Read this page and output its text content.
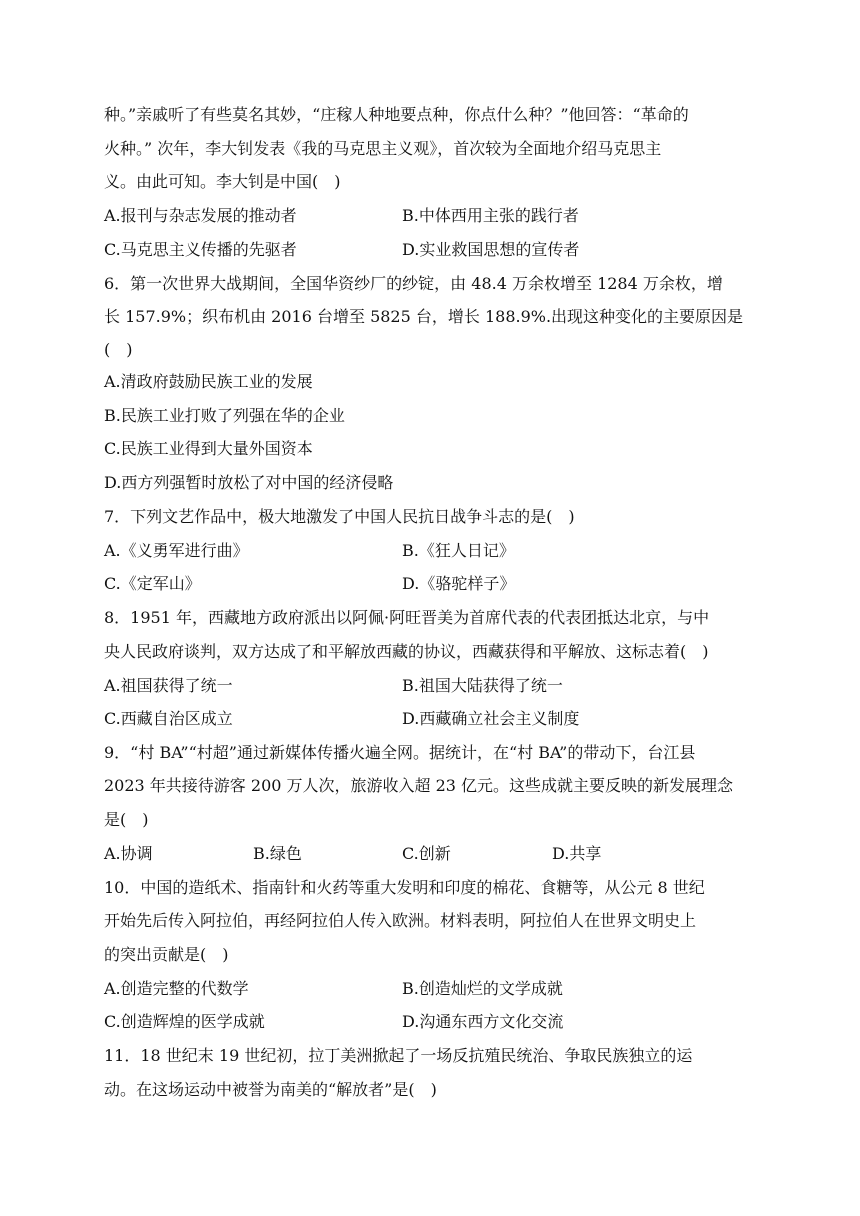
种。”亲戚听了有些莫名其妙，“庄稼人种地要点种，你点什么种？”他回答：“革命的
火种。” 次年，李大钊发表《我的马克思主义观》，首次较为全面地介绍马克思主
义。由此可知。李大钊是中国(　)
A.报刊与杂志发展的推动者	B.中体西用主张的践行者
C.马克思主义传播的先驱者	D.实业救国思想的宣传者
6．第一次世界大战期间，全国华资纱厂的纱锭，由 48.4 万余枚增至 1284 万余枚，增
长 157.9%；织布机由 2016 台增至 5825 台，增长 188.9%.出现这种变化的主要原因是
(　)
A.清政府鼓励民族工业的发展
B.民族工业打败了列强在华的企业
C.民族工业得到大量外国资本
D.西方列强暂时放松了对中国的经济侵略
7．下列文艺作品中，极大地激发了中国人民抗日战争斗志的是(　)
A.《义勇军进行曲》	B.《狂人日记》
C.《定军山》	D.《骆驼样子》
8．1951 年，西藏地方政府派出以阿佩·阿旺晋美为首席代表的代表团抵达北京，与中
央人民政府谈判，双方达成了和平解放西藏的协议，西藏获得和平解放、这标志着(　)
A.祖国获得了统一	B.祖国大陆获得了统一
C.西藏自治区成立	D.西藏确立社会主义制度
9．“村 BA”“村超”通过新媒体传播火遍全网。据统计，在“村 BA”的带动下，台江县
2023 年共接待游客 200 万人次，旅游收入超 23 亿元。这些成就主要反映的新发展理念
是(　)
A.协调	B.绿色	C.创新	D.共享
10．中国的造纸术、指南针和火药等重大发明和印度的棉花、食糖等，从公元 8 世纪
开始先后传入阿拉伯，再经阿拉伯人传入欧洲。材料表明，阿拉伯人在世界文明史上
的突出贡献是(　)
A.创造完整的代数学	B.创造灿烂的文学成就
C.创造辉煌的医学成就	D.沟通东西方文化交流
11．18 世纪末 19 世纪初，拉丁美洲掀起了一场反抗殖民统治、争取民族独立的运
动。在这场运动中被誉为南美的“解放者”是(　)
